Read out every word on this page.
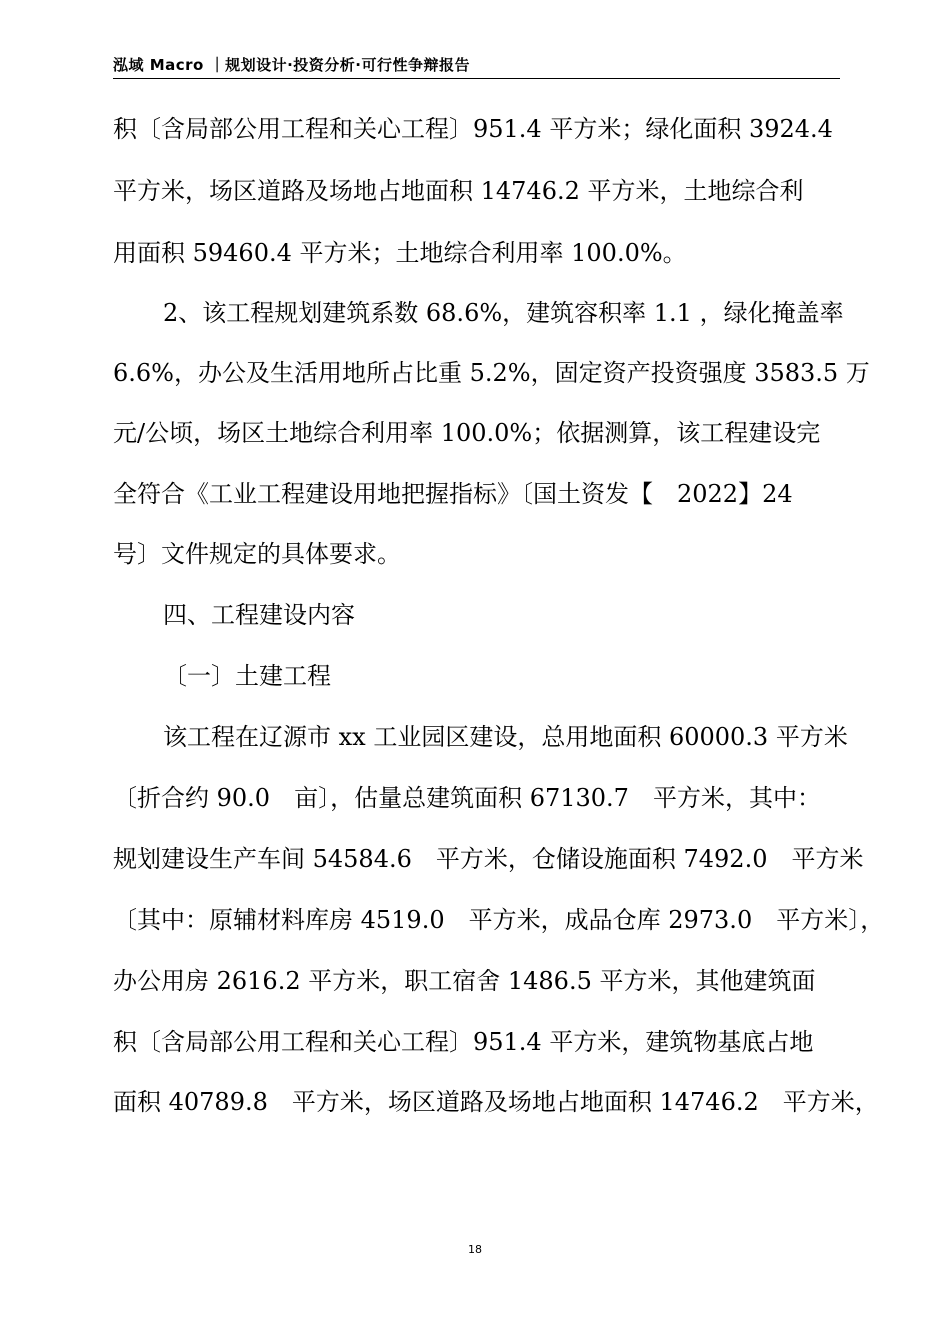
泓域 Macro ｜规划设计·投资分析·可行性争辩报告
积〔含局部公用工程和关心工程〕951.4 平方米；绿化面积 3924.4
平方米，场区道路及场地占地面积 14746.2 平方米，土地综合利
用面积 59460.4 平方米；土地综合利用率 100.0%。
2、该工程规划建筑系数 68.6%，建筑容积率 1.1 ，绿化掩盖率
6.6%，办公及生活用地所占比重 5.2%，固定资产投资强度 3583.5 万
元/公顷，场区土地综合利用率 100.0%；依据测算，该工程建设完
全符合《工业工程建设用地把握指标》〔国土资发【　2022】24
号〕文件规定的具体要求。
四、工程建设内容
〔一〕土建工程
该工程在辽源市 xx 工业园区建设，总用地面积 60000.3 平方米
〔折合约 90.0　亩〕，估量总建筑面积 67130.7　平方米，其中：
规划建设生产车间 54584.6　平方米，仓储设施面积 7492.0　平方米
〔其中：原辅材料库房 4519.0　平方米，成品仓库 2973.0　平方米〕，
办公用房 2616.2 平方米，职工宿舍 1486.5 平方米，其他建筑面
积〔含局部公用工程和关心工程〕951.4 平方米，建筑物基底占地
面积 40789.8　平方米，场区道路及场地占地面积 14746.2　平方米，
18
